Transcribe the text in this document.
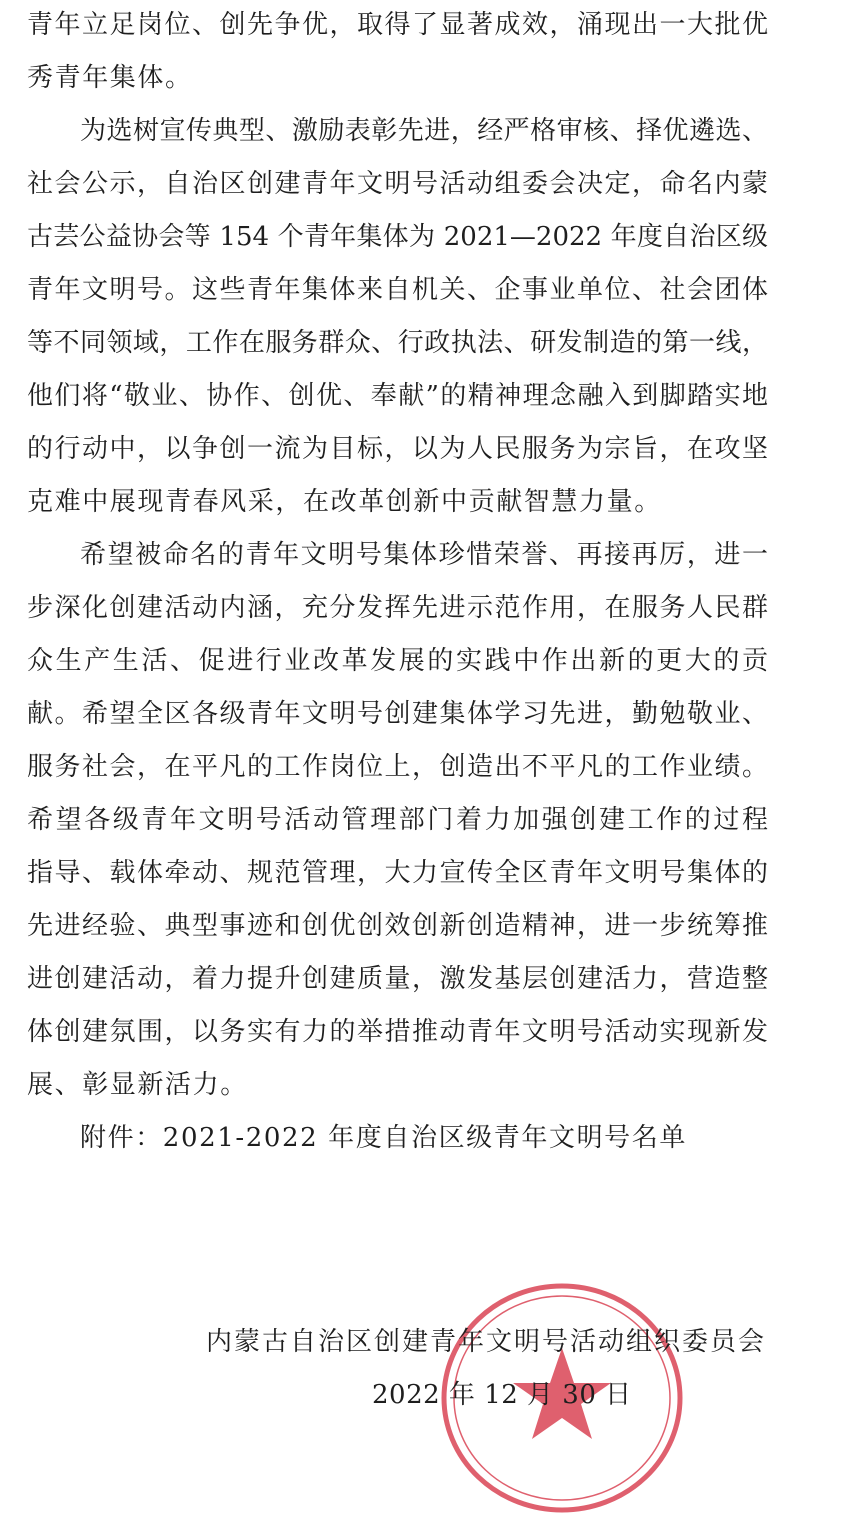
青年立足岗位、创先争优，取得了显著成效，涌现出一大批优
秀青年集体。
为选树宣传典型、激励表彰先进，经严格审核、择优遴选、
社会公示，自治区创建青年文明号活动组委会决定，命名内蒙
古芸公益协会等 154 个青年集体为 2021—2022 年度自治区级
青年文明号。这些青年集体来自机关、企事业单位、社会团体
等不同领域，工作在服务群众、行政执法、研发制造的第一线，
他们将“敬业、协作、创优、奉献”的精神理念融入到脚踏实地
的行动中，以争创一流为目标，以为人民服务为宗旨，在攻坚
克难中展现青春风采，在改革创新中贡献智慧力量。
希望被命名的青年文明号集体珍惜荣誉、再接再厉，进一
步深化创建活动内涵，充分发挥先进示范作用，在服务人民群
众生产生活、促进行业改革发展的实践中作出新的更大的贡
献。希望全区各级青年文明号创建集体学习先进，勤勉敬业、
服务社会，在平凡的工作岗位上，创造出不平凡的工作业绩。
希望各级青年文明号活动管理部门着力加强创建工作的过程
指导、载体牵动、规范管理，大力宣传全区青年文明号集体的
先进经验、典型事迹和创优创效创新创造精神，进一步统筹推
进创建活动，着力提升创建质量，激发基层创建活力，营造整
体创建氛围，以务实有力的举措推动青年文明号活动实现新发
展、彰显新活力。
附件：2021-2022 年度自治区级青年文明号名单
内蒙古自治区创建青年文明号活动组织委员会
2022 年 12 月 30 日
